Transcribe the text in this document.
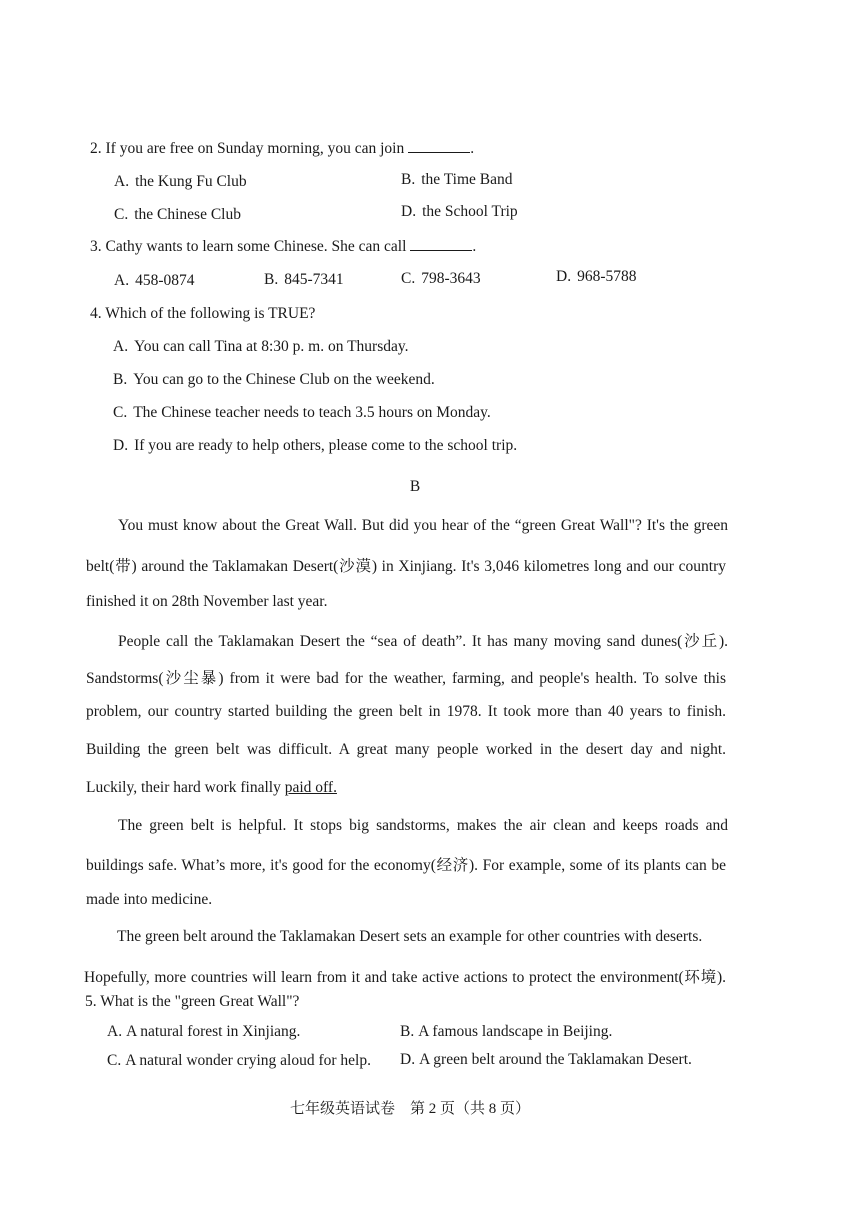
2. If you are free on Sunday morning, you can join	.
A. the Kung Fu Club	B. the Time Band
C. the Chinese Club	D. the School Trip
3. Cathy wants to learn some Chinese. She can call	.
A. 458-0874	B. 845-7341	C. 798-3643	D. 968-5788
4. Which of the following is TRUE?
A. You can call Tina at 8:30 p. m. on Thursday.
B. You can go to the Chinese Club on the weekend.
C. The Chinese teacher needs to teach 3.5 hours on Monday.
D. If you are ready to help others, please come to the school trip.
B
You must know about the Great Wall. But did you hear of the “green Great Wall"? It's the green
belt(带) around the Taklamakan Desert(沙漠) in Xinjiang. It's 3,046 kilometres long and our country
finished it on 28th November last year.
People call the Taklamakan Desert the “sea of death”. It has many moving sand dunes(沙丘).
Sandstorms(沙尘暴) from it were bad for the weather, farming, and people's health. To solve this
problem, our country started building the green belt in 1978. It took more than 40 years to finish.
Building the green belt was difficult. A great many people worked in the desert day and night.
Luckily, their hard work finally paid off.
The green belt is helpful. It stops big sandstorms, makes the air clean and keeps roads and
buildings safe. What’s more, it's good for the economy(经济). For example, some of its plants can be
made into medicine.
The green belt around the Taklamakan Desert sets an example for other countries with deserts.
Hopefully, more countries will learn from it and take active actions to protect the environment(环境).
5. What is the "green Great Wall"?
A. A natural forest in Xinjiang.	B. A famous landscape in Beijing.
C. A natural wonder crying aloud for help. D. A green belt around the Taklamakan Desert.
七年级英语试卷　第 2 页（共 8 页）
